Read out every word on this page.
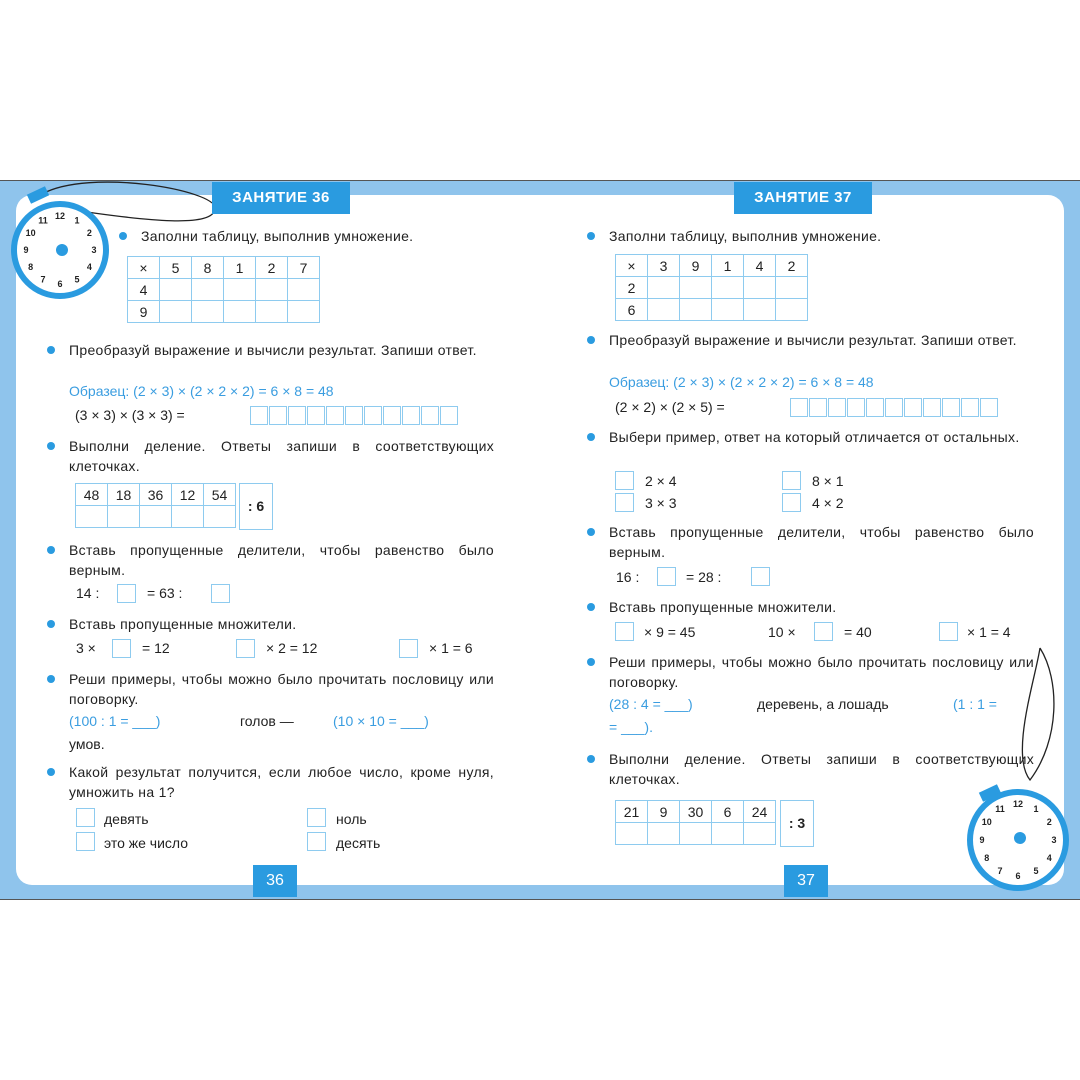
12 1
2
3
4
5
6
7
8
9
10
11
12 1
2
3
4
5
6
7
8
9
10
11
ЗАНЯТИЕ 36
Заполни таблицу, выполнив умножение.
×	5	8	1	2	7
4					
9					
Преобразуй выражение и вычисли результат. Запиши ответ.
Образец: (2 × 3) × (2 × 2 × 2) = 6 × 8 = 48
(3 × 3) × (3 × 3) =
Выполни деление. Ответы запиши в соответствующих клеточках.
48	18	36	12	54

: 6
Вставь пропущенные делители, чтобы равенство было верным.
14 :	= 63 :
Вставь пропущенные множители.
3 ×	= 12	× 2 = 12	× 1 = 6
Реши примеры, чтобы можно было прочитать пословицу или поговорку.
(100 : 1 = ___)	голов —	(10 × 10 = ___)
умов.
Какой результат получится, если любое число, кроме нуля, умножить на 1?
девять	ноль
это же число	десять
36
ЗАНЯТИЕ 37
Заполни таблицу, выполнив умножение.
×	3	9	1	4	2
2					
6					
Преобразуй выражение и вычисли результат. Запиши ответ.
Образец: (2 × 3) × (2 × 2 × 2) = 6 × 8 = 48
(2 × 2) × (2 × 5) =
Выбери пример, ответ на который отличается от остальных.
2 × 4	8 × 1
3 × 3	4 × 2
Вставь пропущенные делители, чтобы равенство было верным.
16 :	= 28 :
Вставь пропущенные множители.
× 9 = 45	10 ×	= 40	× 1 = 4
Реши примеры, чтобы можно было прочитать пословицу или поговорку.
(28 : 4 = ___)	деревень, а лошадь	(1 : 1 =
= ___).
Выполни деление. Ответы запиши в соответствующих клеточках.
21	9	30	6	24

: 3
37
